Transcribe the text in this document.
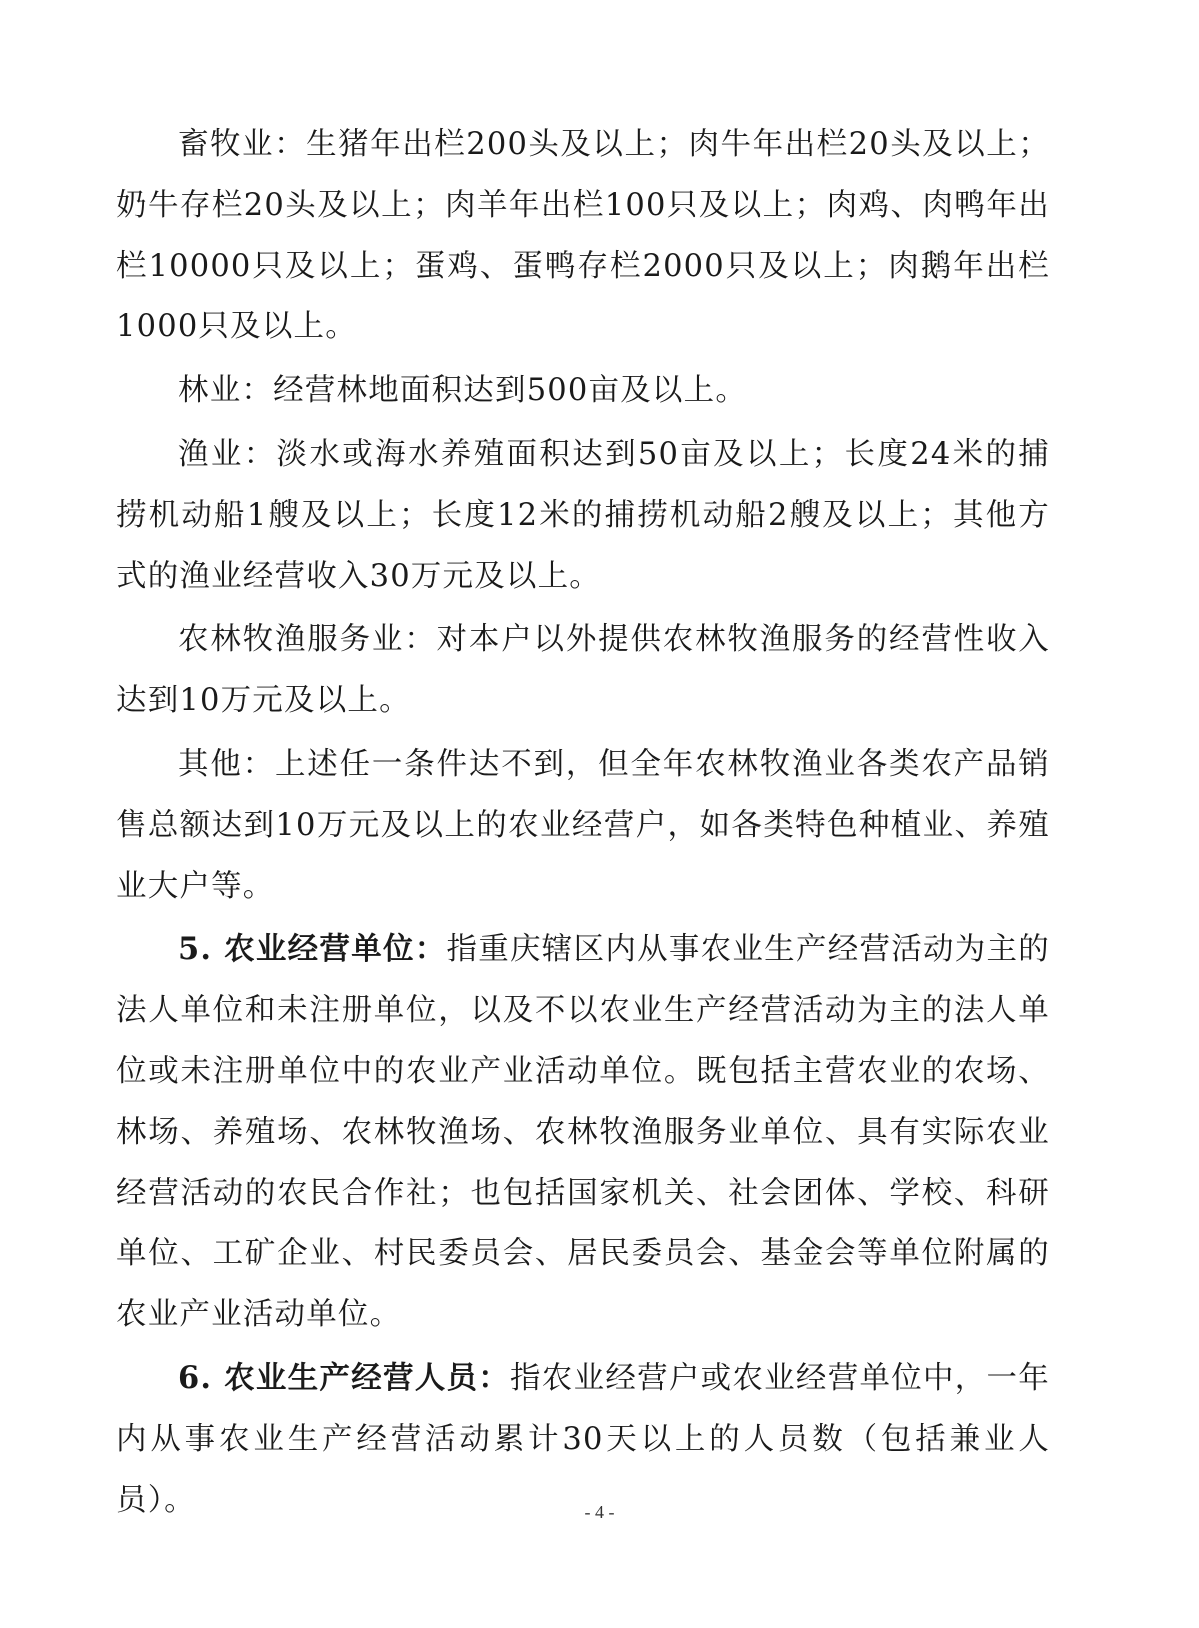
畜牧业：生猪年出栏200头及以上；肉牛年出栏20头及以上；奶牛存栏20头及以上；肉羊年出栏100只及以上；肉鸡、肉鸭年出栏10000只及以上；蛋鸡、蛋鸭存栏2000只及以上；肉鹅年出栏1000只及以上。

林业：经营林地面积达到500亩及以上。

渔业：淡水或海水养殖面积达到50亩及以上；长度24米的捕捞机动船1艘及以上；长度12米的捕捞机动船2艘及以上；其他方式的渔业经营收入30万元及以上。

农林牧渔服务业：对本户以外提供农林牧渔服务的经营性收入达到10万元及以上。

其他：上述任一条件达不到，但全年农林牧渔业各类农产品销售总额达到10万元及以上的农业经营户，如各类特色种植业、养殖业大户等。

5. 农业经营单位：指重庆辖区内从事农业生产经营活动为主的法人单位和未注册单位，以及不以农业生产经营活动为主的法人单位或未注册单位中的农业产业活动单位。既包括主营农业的农场、林场、养殖场、农林牧渔场、农林牧渔服务业单位、具有实际农业经营活动的农民合作社；也包括国家机关、社会团体、学校、科研单位、工矿企业、村民委员会、居民委员会、基金会等单位附属的农业产业活动单位。

6. 农业生产经营人员：指农业经营户或农业经营单位中，一年内从事农业生产经营活动累计30天以上的人员数（包括兼业人员）。	- 4 -
